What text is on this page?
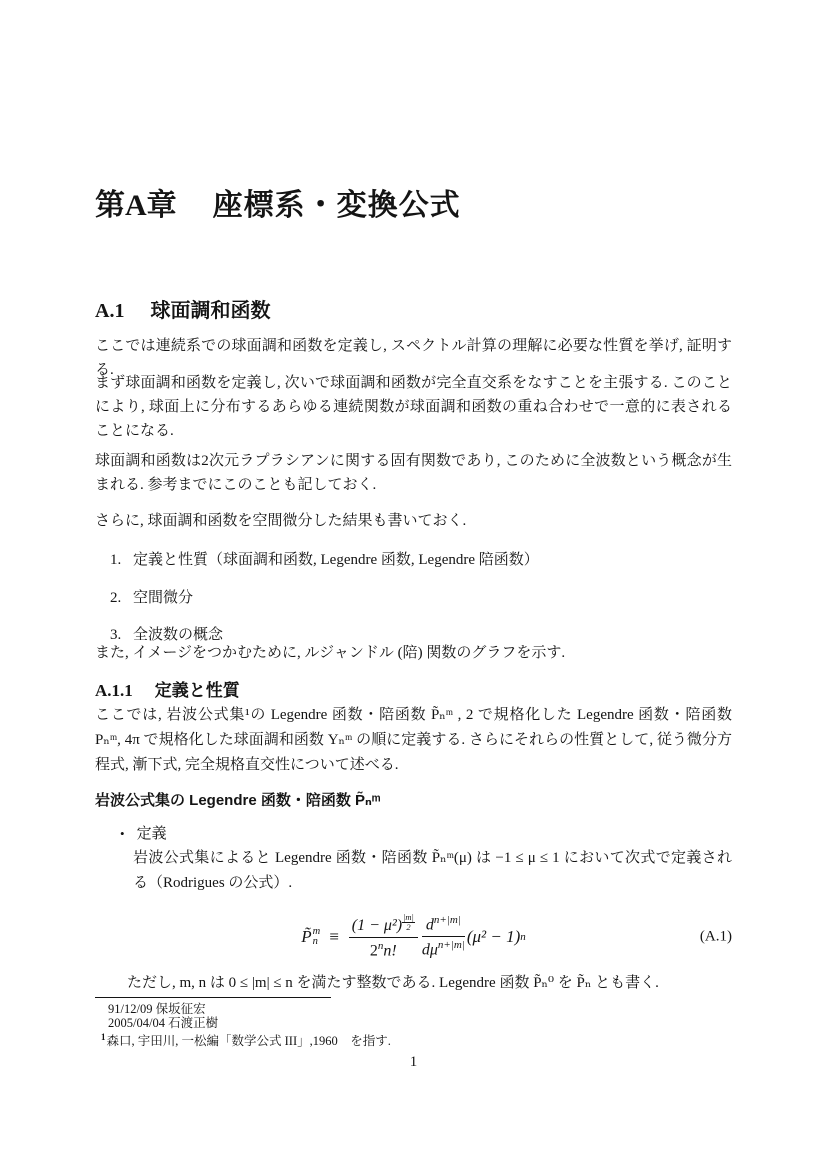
第A章 座標系・変換公式
A.1 球面調和函数

ここでは連続系での球面調和函数を定義し, スペクトル計算の理解に必要な性質を挙げ, 証明する.

まず球面調和函数を定義し, 次いで球面調和函数が完全直交系をなすことを主張する. このことにより, 球面上に分布するあらゆる連続関数が球面調和函数の重ね合わせで一意的に表されることになる.

球面調和函数は2次元ラプラシアンに関する固有関数であり, このために全波数という概念が生まれる. 参考までにこのことも記しておく.

さらに, 球面調和函数を空間微分した結果も書いておく.

1. 定義と性質（球面調和函数, Legendre 函数, Legendre 陪函数）
2. 空間微分
3. 全波数の概念

また, イメージをつかむために, ルジャンドル (陪) 関数のグラフを示す.

A.1.1 定義と性質

ここでは, 岩波公式集¹の Legendre 函数・陪函数 P̃ₙᵐ , 2 で規格化した Legendre 函数・陪函数 Pₙᵐ, 4π で規格化した球面調和函数 Yₙᵐ の順に定義する. さらにそれらの性質として, 従う微分方程式, 漸下式, 完全規格直交性について述べる.

岩波公式集の Legendre 函数・陪函数 P̃ₙᵐ
• 定義

岩波公式集によると Legendre 函数・陪函数 P̃ₙᵐ(μ) は −1 ≤ μ ≤ 1 において次式で定義される（Rodrigues の公式）.

P̃ m
$n \equiv \frac{(1 - \mu^2) \frac{|m|}{2}}{2^nn!} \frac{d^{n+|m|}}{d\mu^{n+|m|}} (\mu^2 - 1)$ n	(A.1)

ただし, m, n は 0 ≤ |m| ≤ n を満たす整数である. Legendre 函数 P̃ₙ⁰ を P̃ₙ とも書く.

91/12/09 保坂征宏

2005/04/04 石渡正樹

$^1$森口, 宇田川, 一松編「数学公式 III」,1960　を指す.

1
